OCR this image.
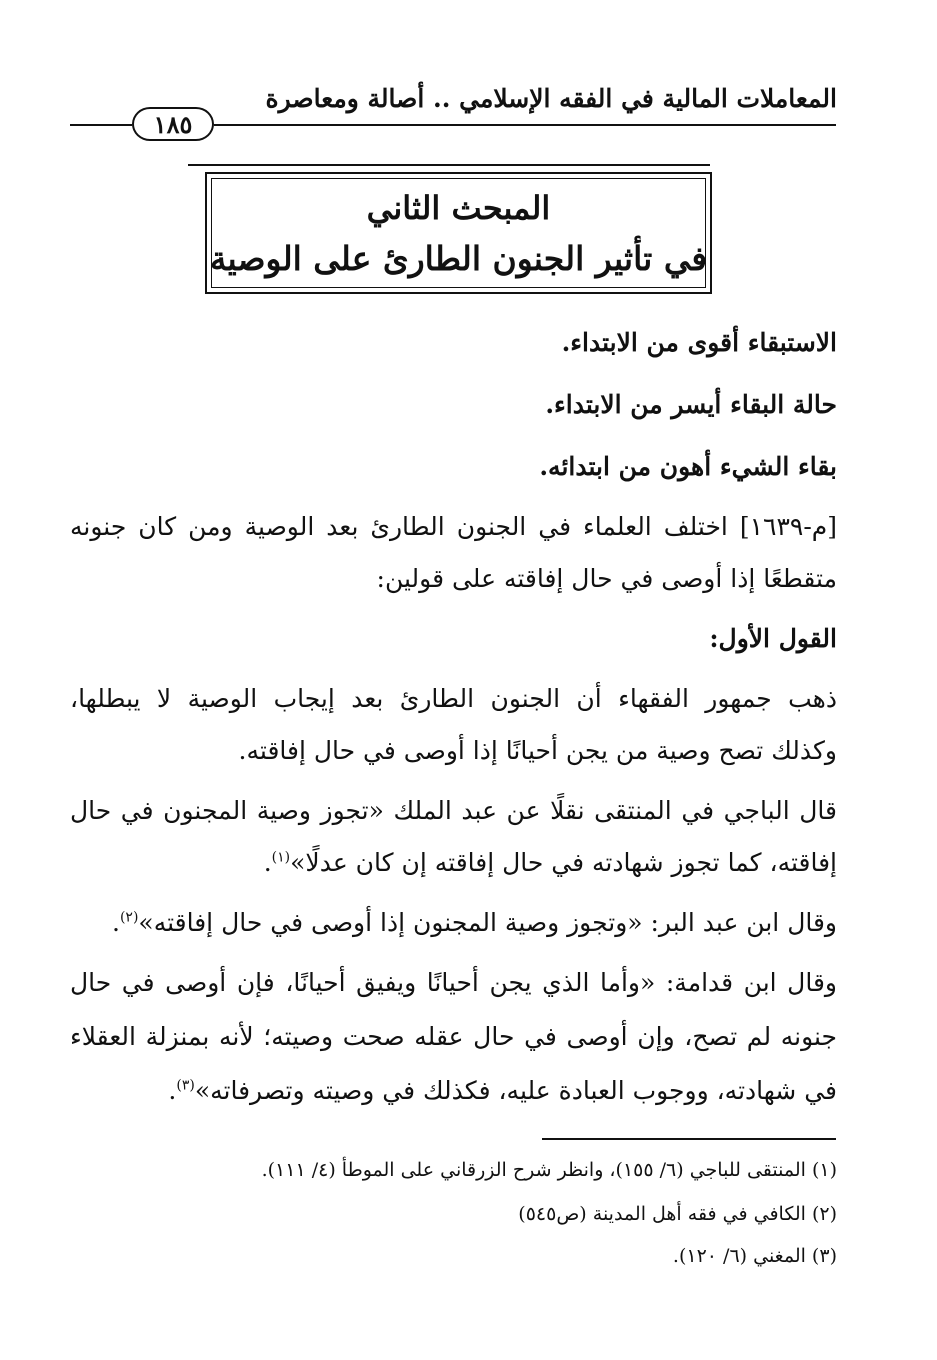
المعاملات المالية في الفقه الإسلامي .. أصالة ومعاصرة
١٨٥
المبحث الثاني
في تأثير الجنون الطارئ على الوصية
الاستبقاء أقوى من الابتداء.
حالة البقاء أيسر من الابتداء.
بقاء الشيء أهون من ابتدائه.
[م-١٦٣٩] اختلف العلماء في الجنون الطارئ بعد الوصية ومن كان جنونه
متقطعًا إذا أوصى في حال إفاقته على قولين:
القول الأول:
ذهب جمهور الفقهاء أن الجنون الطارئ بعد إيجاب الوصية لا يبطلها،
وكذلك تصح وصية من يجن أحيانًا إذا أوصى في حال إفاقته.
قال الباجي في المنتقى نقلًا عن عبد الملك «تجوز وصية المجنون في حال
إفاقته، كما تجوز شهادته في حال إفاقته إن كان عدلًا»$^{(١)}$.
وقال ابن عبد البر: «وتجوز وصية المجنون إذا أوصى في حال إفاقته»$^{(٢)}$.
وقال ابن قدامة: «وأما الذي يجن أحيانًا ويفيق أحيانًا، فإن أوصى في حال
جنونه لم تصح، وإن أوصى في حال عقله صحت وصيته؛ لأنه بمنزلة العقلاء
في شهادته، ووجوب العبادة عليه، فكذلك في وصيته وتصرفاته»$^{(٣)}$.
(١) المنتقى للباجي (٦/ ١٥٥)، وانظر شرح الزرقاني على الموطأ (٤/ ١١١).
(٢) الكافي في فقه أهل المدينة (ص٥٤٥)
(٣) المغني (٦/ ١٢٠).
